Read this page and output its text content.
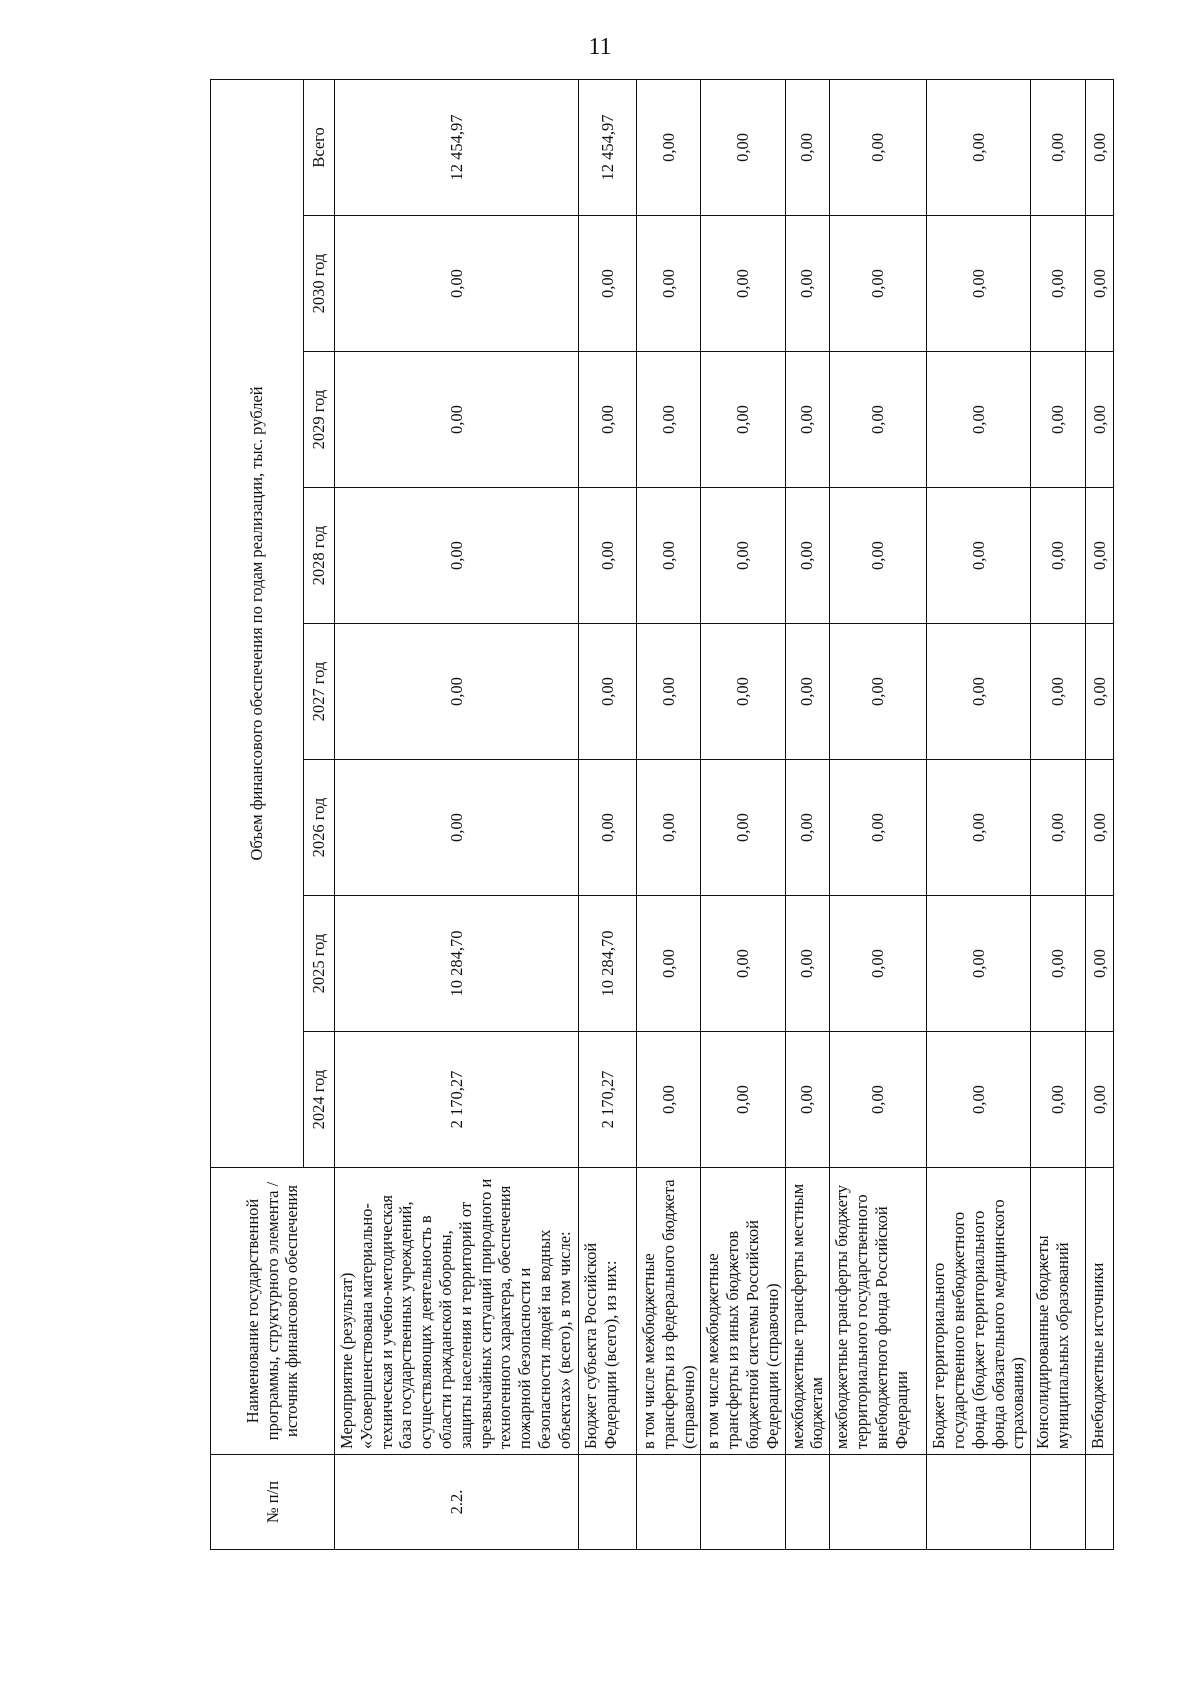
11
№ п/п	Наименование государственной программы, структурного элемента / источник финансового обеспечения	Объем финансового обеспечения по годам реализации, тыс. рублей							
		2024 год	2025 год	2026 год	2027 год	2028 год	2029 год	2030 год	Всего
2.2.	Мероприятие (результат) «Усовершенствована материально-техническая и учебно-методическая база государственных учреждений, осуществляющих деятельность в области гражданской обороны, защиты населения и территорий от чрезвычайных ситуаций природного и техногенного характера, обеспечения пожарной безопасности и безопасности людей на водных объектах» (всего), в том числе:	2 170,27	10 284,70	0,00	0,00	0,00	0,00	0,00	12 454,97
	Бюджет субъекта Российской Федерации (всего), из них:	2 170,27	10 284,70	0,00	0,00	0,00	0,00	0,00	12 454,97
	в том числе межбюджетные трансферты из федерального бюджета (справочно)	0,00	0,00	0,00	0,00	0,00	0,00	0,00	0,00
	в том числе межбюджетные трансферты из иных бюджетов бюджетной системы Российской Федерации (справочно)	0,00	0,00	0,00	0,00	0,00	0,00	0,00	0,00
	межбюджетные трансферты местным бюджетам	0,00	0,00	0,00	0,00	0,00	0,00	0,00	0,00
	межбюджетные трансферты бюджету территориального государственного внебюджетного фонда Российской Федерации	0,00	0,00	0,00	0,00	0,00	0,00	0,00	0,00
	Бюджет территориального государственного внебюджетного фонда (бюджет территориального фонда обязательного медицинского страхования)	0,00	0,00	0,00	0,00	0,00	0,00	0,00	0,00
	Консолидированные бюджеты муниципальных образований	0,00	0,00	0,00	0,00	0,00	0,00	0,00	0,00
	Внебюджетные источники	0,00	0,00	0,00	0,00	0,00	0,00	0,00	0,00
